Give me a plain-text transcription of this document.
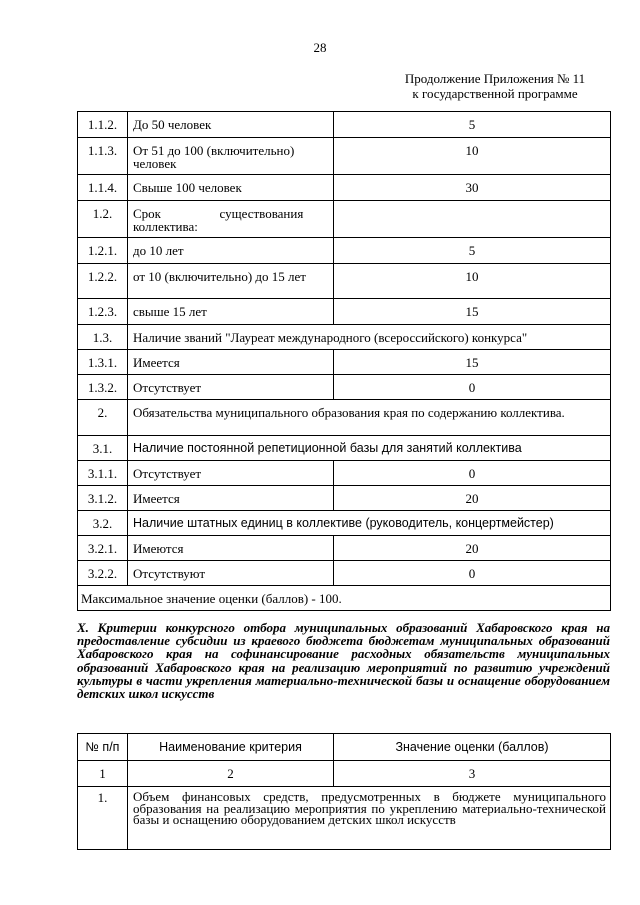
28
Продолжение Приложения № 11
к государственной программе
1.1.2.	До 50 человек	5
1.1.3.	От 51 до 100 (включительно) человек	10
1.1.4.	Свыше 100 человек	30
1.2.	Срок                  существования коллектива:	
1.2.1.	до 10 лет	5
1.2.2.	от 10 (включительно) до 15 лет	10
1.2.3.	свыше 15 лет	15
1.3.	Наличие званий "Лауреат международного (всероссийского) конкурса"	
1.3.1.	Имеется	15
1.3.2.	Отсутствует	0
2.	Обязательства муниципального образования края по содержанию коллектива.	
3.1.	Наличие постоянной репетиционной базы для занятий коллектива	
3.1.1.	Отсутствует	0
3.1.2.	Имеется	20
3.2.	Наличие штатных единиц в коллективе (руководитель, концертмейстер)	
3.2.1.	Имеются	20
3.2.2.	Отсутствуют	0
Максимальное значение оценки (баллов) - 100.		
X. Критерии конкурсного отбора муниципальных образований Хабаровского края на предоставление субсидии из краевого бюджета бюджетам муниципальных образований Хабаровского края на софинансирование расходных обязательств муниципальных образований Хабаровского края на реализацию мероприятий по развитию учреждений культуры в части укрепления материально-технической базы и оснащение оборудованием детских школ искусств
№ п/п	Наименование критерия	Значение оценки (баллов)
1	2	3
1.	Объем финансовых средств, предусмотренных в бюджете муниципального образования на реализацию мероприятия по укреплению материально-технической базы и оснащению оборудованием детских школ искусств	
